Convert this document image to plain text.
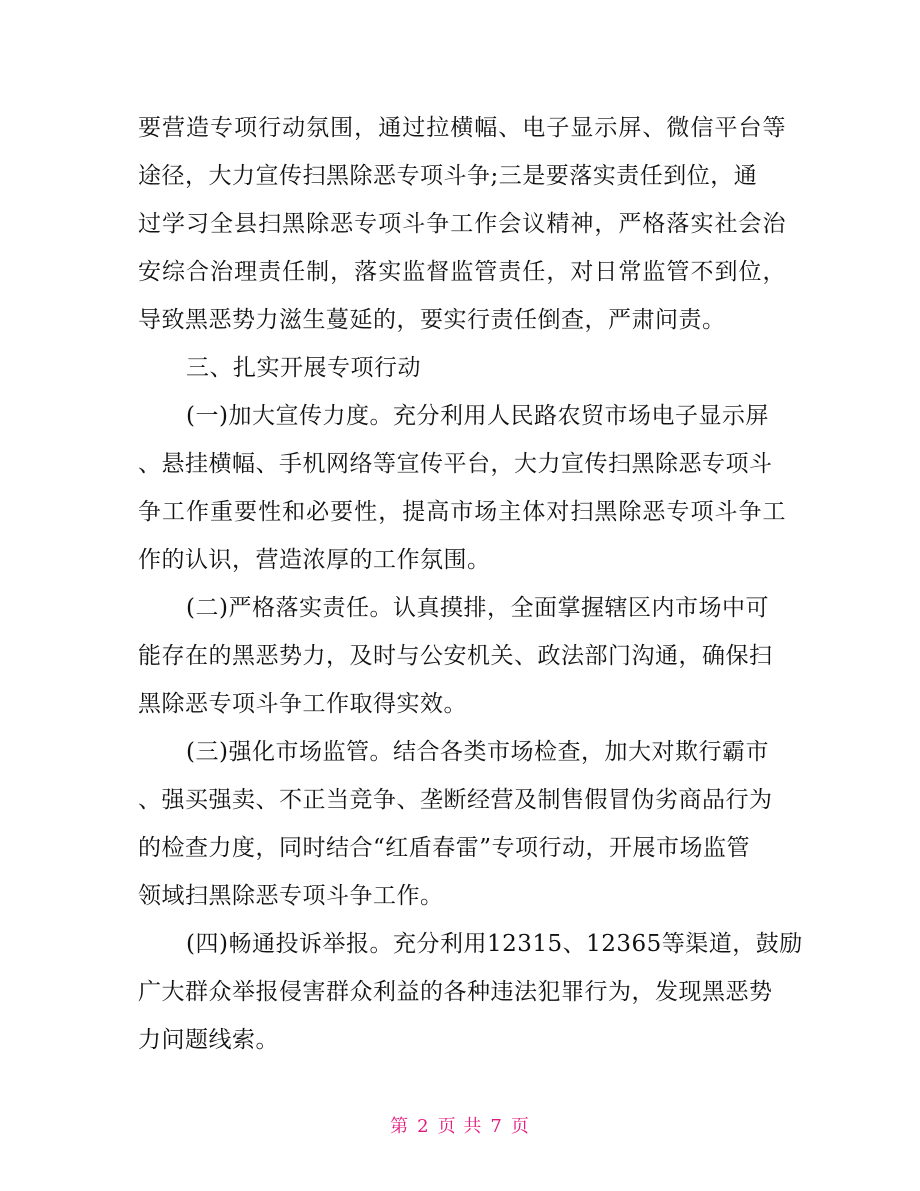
要营造专项行动氛围，通过拉横幅、电子显示屏、微信平台等
途径，大力宣传扫黑除恶专项斗争;三是要落实责任到位，通
过学习全县扫黑除恶专项斗争工作会议精神，严格落实社会治
安综合治理责任制，落实监督监管责任，对日常监管不到位，
导致黑恶势力滋生蔓延的，要实行责任倒查，严肃问责。
三、扎实开展专项行动
(一)加大宣传力度。充分利用人民路农贸市场电子显示屏
、悬挂横幅、手机网络等宣传平台，大力宣传扫黑除恶专项斗
争工作重要性和必要性，提高市场主体对扫黑除恶专项斗争工
作的认识，营造浓厚的工作氛围。
(二)严格落实责任。认真摸排，全面掌握辖区内市场中可
能存在的黑恶势力，及时与公安机关、政法部门沟通，确保扫
黑除恶专项斗争工作取得实效。
(三)强化市场监管。结合各类市场检查，加大对欺行霸市
、强买强卖、不正当竞争、垄断经营及制售假冒伪劣商品行为
的检查力度，同时结合“红盾春雷”专项行动，开展市场监管
领域扫黑除恶专项斗争工作。
(四)畅通投诉举报。充分利用12315、12365等渠道，鼓励
广大群众举报侵害群众利益的各种违法犯罪行为，发现黑恶势
力问题线索。
第 2 页 共 7 页
